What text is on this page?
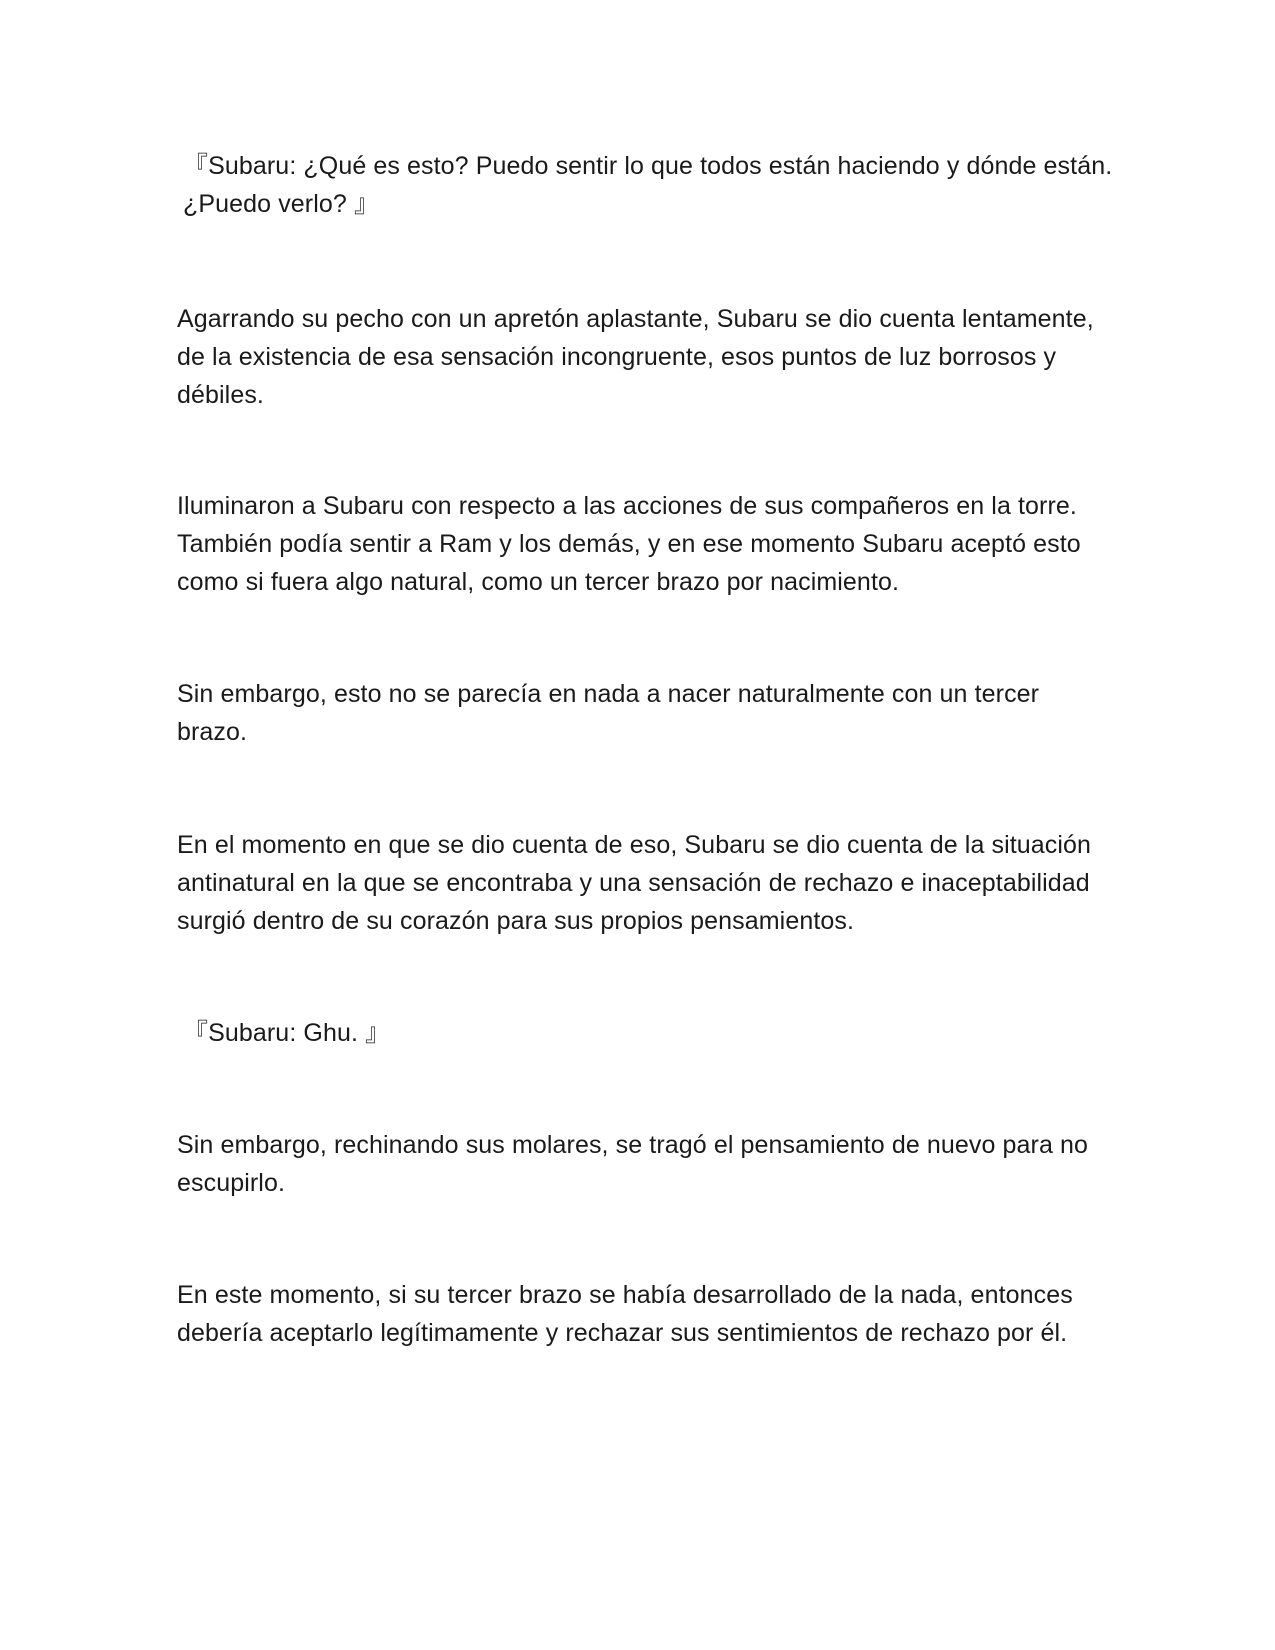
『Subaru: ¿Qué es esto? Puedo sentir lo que todos están haciendo y dónde están. ¿Puedo verlo? 』

Agarrando su pecho con un apretón aplastante, Subaru se dio cuenta lentamente, de la existencia de esa sensación incongruente, esos puntos de luz borrosos y débiles.

Iluminaron a Subaru con respecto a las acciones de sus compañeros en la torre. También podía sentir a Ram y los demás, y en ese momento Subaru aceptó esto como si fuera algo natural, como un tercer brazo por nacimiento.

Sin embargo, esto no se parecía en nada a nacer naturalmente con un tercer brazo.

En el momento en que se dio cuenta de eso, Subaru se dio cuenta de la situación antinatural en la que se encontraba y una sensación de rechazo e inaceptabilidad surgió dentro de su corazón para sus propios pensamientos.

『Subaru: Ghu. 』

Sin embargo, rechinando sus molares, se tragó el pensamiento de nuevo para no escupirlo.

En este momento, si su tercer brazo se había desarrollado de la nada, entonces debería aceptarlo legítimamente y rechazar sus sentimientos de rechazo por él.
